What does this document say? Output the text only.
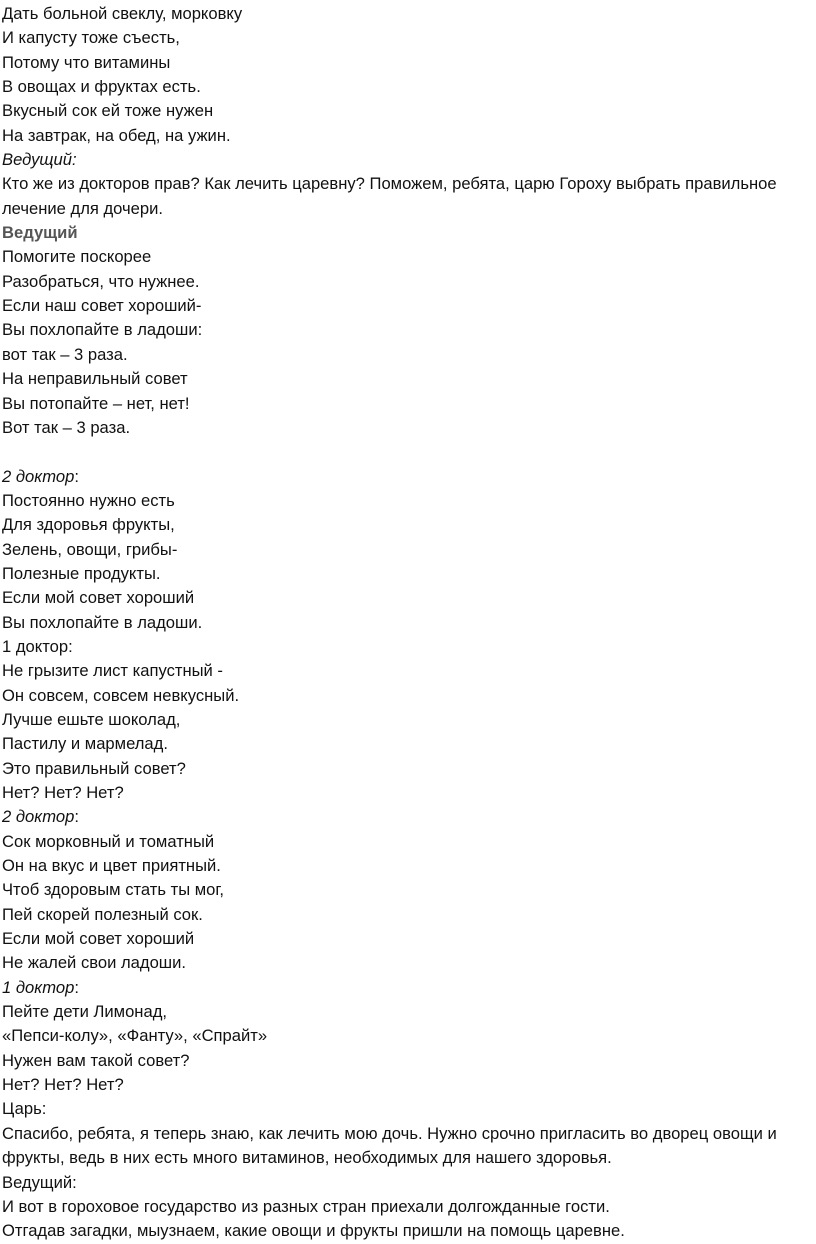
Дать больной свеклу, морковку
И капусту тоже съесть,
Потому что витамины
В овощах и фруктах есть.
Вкусный сок ей тоже нужен
На завтрак, на обед, на ужин.
Ведущий:
Кто же из докторов прав? Как лечить царевну? Поможем, ребята, царю Гороху выбрать правильное лечение для дочери.
Ведущий
Помогите поскорее
Разобраться, что нужнее.
Если наш совет хороший-
Вы похлопайте в ладоши:
вот так – 3 раза.
На неправильный совет
Вы потопайте – нет, нет!
Вот так – 3 раза.
2 доктор:
Постоянно нужно есть
Для здоровья фрукты,
Зелень, овощи, грибы-
Полезные продукты.
Если мой совет хороший
Вы похлопайте в ладоши.
1 доктор:
Не грызите лист капустный -
Он совсем, совсем невкусный.
Лучше ешьте шоколад,
Пастилу и мармелад.
Это правильный совет?
Нет? Нет? Нет?
2 доктор:
Сок морковный и томатный
Он на вкус и цвет приятный.
Чтоб здоровым стать ты мог,
Пей скорей полезный сок.
Если мой совет хороший
Не жалей свои ладоши.
1 доктор:
Пейте дети Лимонад,
«Пепси-колу», «Фанту», «Спрайт»
Нужен вам такой совет?
Нет? Нет? Нет?
Царь:
Спасибо, ребята, я теперь знаю, как лечить мою дочь. Нужно срочно пригласить во дворец овощи и фрукты, ведь в них есть много витаминов, необходимых для нашего здоровья.
Ведущий:
И вот в гороховое государство из разных стран приехали долгожданные гости.
Отгадав загадки, мыузнаем, какие овощи и фрукты пришли на помощь царевне.
